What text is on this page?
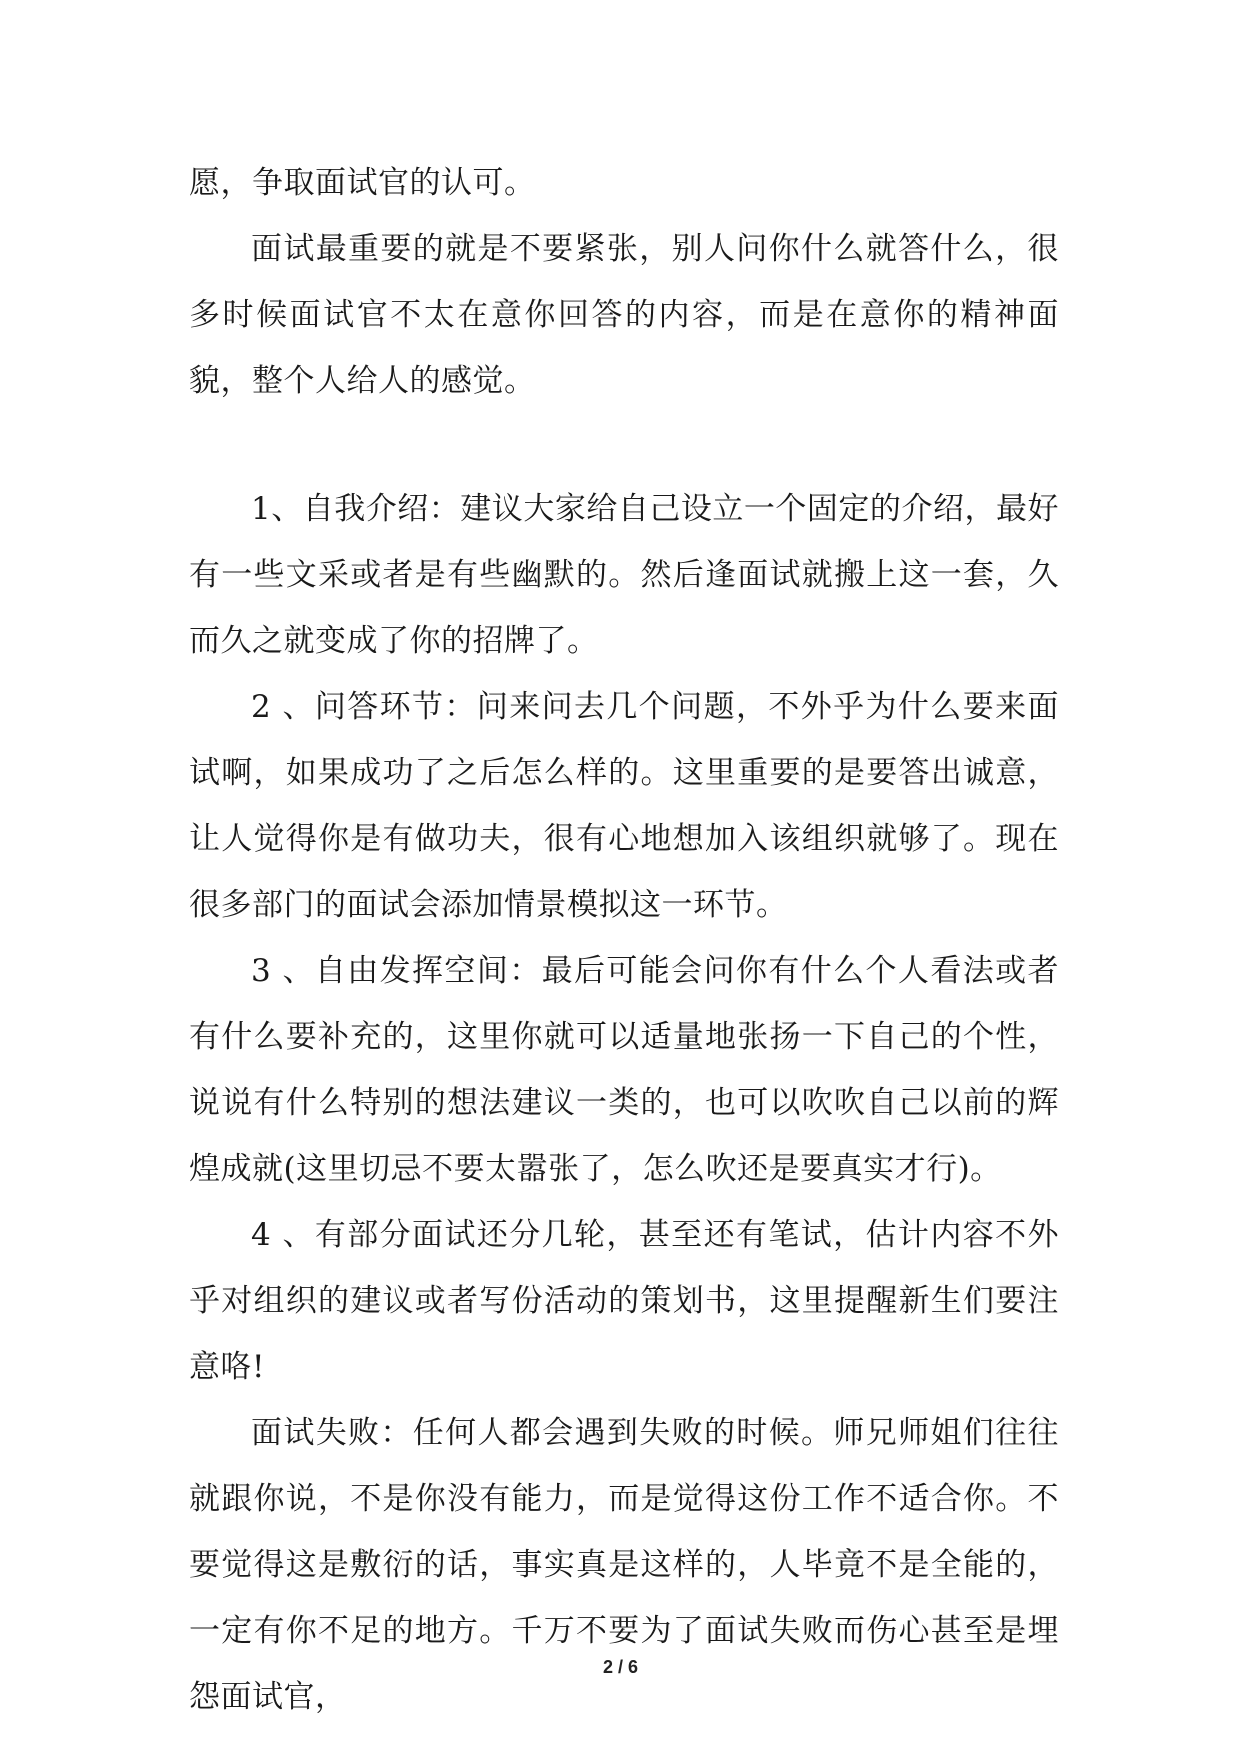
愿，争取面试官的认可。

面试最重要的就是不要紧张，别人问你什么就答什么，很多时候面试官不太在意你回答的内容，而是在意你的精神面貌，整个人给人的感觉。

1、自我介绍：建议大家给自己设立一个固定的介绍，最好有一些文采或者是有些幽默的。然后逢面试就搬上这一套，久而久之就变成了你的招牌了。

2 、问答环节：问来问去几个问题，不外乎为什么要来面试啊，如果成功了之后怎么样的。这里重要的是要答出诚意，让人觉得你是有做功夫，很有心地想加入该组织就够了。现在很多部门的面试会添加情景模拟这一环节。

3 、自由发挥空间：最后可能会问你有什么个人看法或者有什么要补充的，这里你就可以适量地张扬一下自己的个性，说说有什么特别的想法建议一类的，也可以吹吹自己以前的辉煌成就(这里切忌不要太嚣张了，怎么吹还是要真实才行)。

4 、有部分面试还分几轮，甚至还有笔试，估计内容不外乎对组织的建议或者写份活动的策划书，这里提醒新生们要注意咯!

面试失败：任何人都会遇到失败的时候。师兄师姐们往往就跟你说，不是你没有能力，而是觉得这份工作不适合你。不要觉得这是敷衍的话，事实真是这样的，人毕竟不是全能的，一定有你不足的地方。千万不要为了面试失败而伤心甚至是埋怨面试官，

2 / 6
